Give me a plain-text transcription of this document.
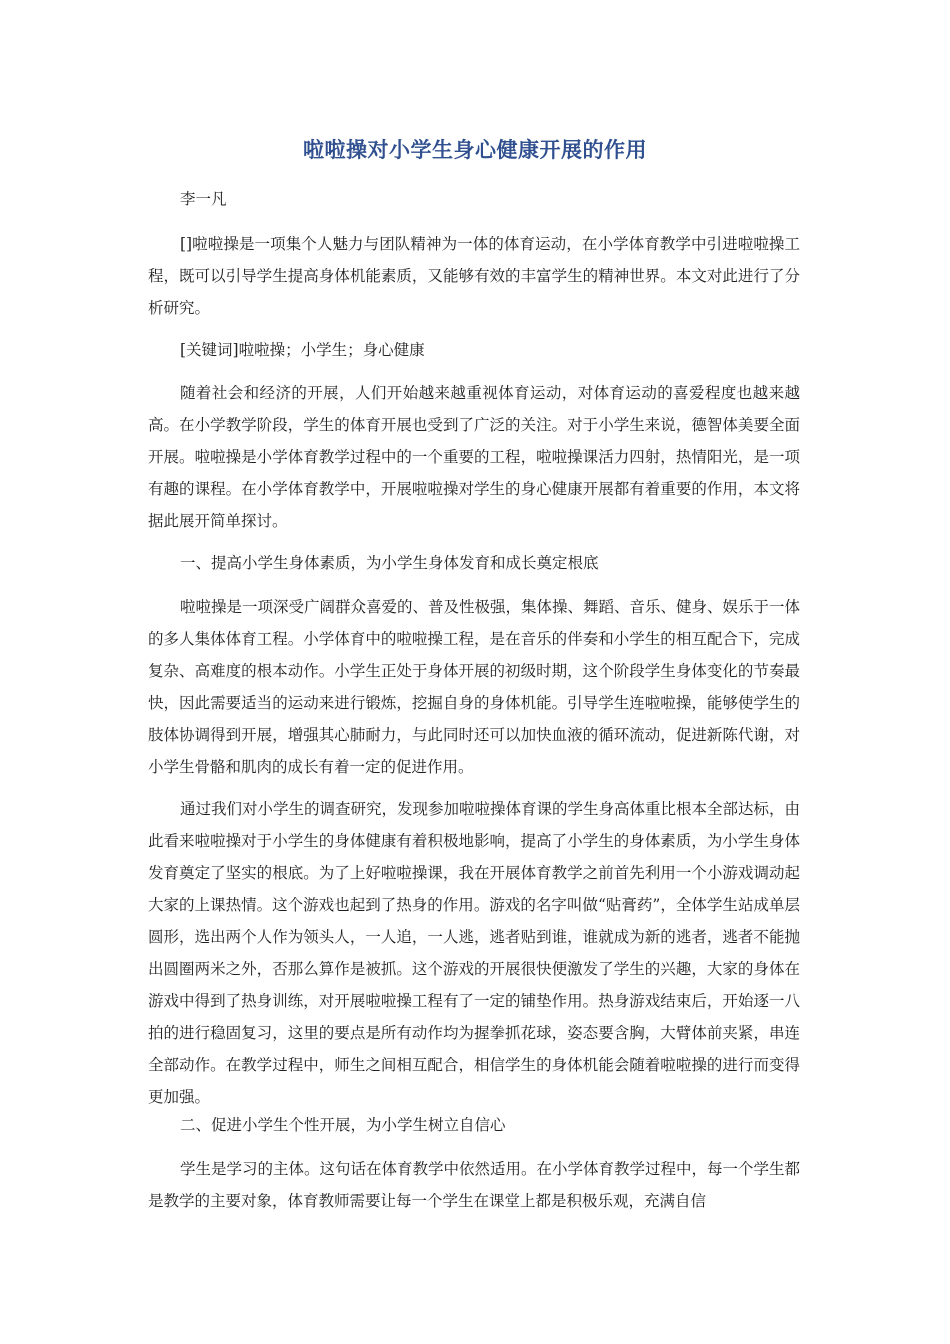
啦啦操对小学生身心健康开展的作用

李一凡

[]啦啦操是一项集个人魅力与团队精神为一体的体育运动，在小学体育教学中引进啦啦操工程，既可以引导学生提高身体机能素质，又能够有效的丰富学生的精神世界。本文对此进行了分析研究。

[关键词]啦啦操；小学生；身心健康

随着社会和经济的开展，人们开始越来越重视体育运动，对体育运动的喜爱程度也越来越高。在小学教学阶段，学生的体育开展也受到了广泛的关注。对于小学生来说，德智体美要全面开展。啦啦操是小学体育教学过程中的一个重要的工程，啦啦操课活力四射，热情阳光，是一项有趣的课程。在小学体育教学中，开展啦啦操对学生的身心健康开展都有着重要的作用，本文将据此展开简单探讨。

一、提高小学生身体素质，为小学生身体发育和成长奠定根底

啦啦操是一项深受广阔群众喜爱的、普及性极强，集体操、舞蹈、音乐、健身、娱乐于一体的多人集体体育工程。小学体育中的啦啦操工程，是在音乐的伴奏和小学生的相互配合下，完成复杂、高难度的根本动作。小学生正处于身体开展的初级时期，这个阶段学生身体变化的节奏最快，因此需要适当的运动来进行锻炼，挖掘自身的身体机能。引导学生连啦啦操，能够使学生的肢体协调得到开展，增强其心肺耐力，与此同时还可以加快血液的循环流动，促进新陈代谢，对小学生骨骼和肌肉的成长有着一定的促进作用。

通过我们对小学生的调查研究，发现参加啦啦操体育课的学生身高体重比根本全部达标，由此看来啦啦操对于小学生的身体健康有着积极地影响，提高了小学生的身体素质，为小学生身体发育奠定了坚实的根底。为了上好啦啦操课，我在开展体育教学之前首先利用一个小游戏调动起大家的上课热情。这个游戏也起到了热身的作用。游戏的名字叫做“贴膏药”，全体学生站成单层圆形，选出两个人作为领头人，一人追，一人逃，逃者贴到谁，谁就成为新的逃者，逃者不能抛出圆圈两米之外，否那么算作是被抓。这个游戏的开展很快便激发了学生的兴趣，大家的身体在游戏中得到了热身训练，对开展啦啦操工程有了一定的铺垫作用。热身游戏结束后，开始逐一八拍的进行稳固复习，这里的要点是所有动作均为握拳抓花球，姿态要含胸，大臂体前夹紧，串连全部动作。在教学过程中，师生之间相互配合，相信学生的身体机能会随着啦啦操的进行而变得更加强。

二、促进小学生个性开展，为小学生树立自信心

学生是学习的主体。这句话在体育教学中依然适用。在小学体育教学过程中，每一个学生都是教学的主要对象，体育教师需要让每一个学生在课堂上都是积极乐观，充满自信
